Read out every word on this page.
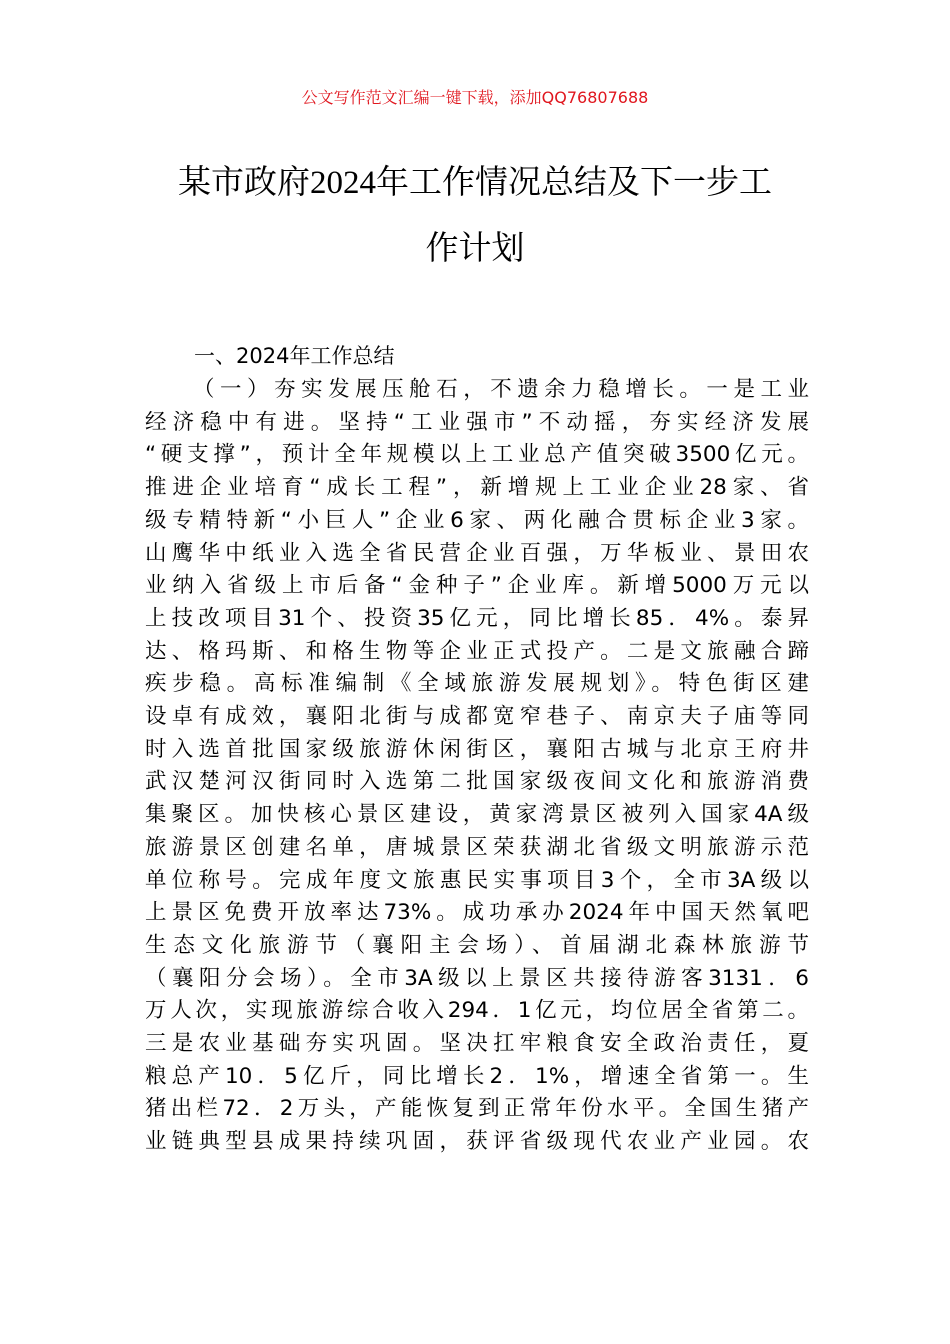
公文写作范文汇编一键下载，添加QQ76807688
某市政府2024年工作情况总结及下一步工
作计划
一、2024年工作总结
（一）夯实发展压舱石，不遗余力稳增长。一是工业
经济稳中有进。坚持“工业强市”不动摇，夯实经济发展
“硬支撑”，预计全年规模以上工业总产值突破3500亿元。
推进企业培育“成长工程”，新增规上工业企业28家、省
级专精特新“小巨人”企业6家、两化融合贯标企业3家。
山鹰华中纸业入选全省民营企业百强，万华板业、景田农
业纳入省级上市后备“金种子”企业库。新增5000万元以
上技改项目31个、投资35亿元，同比增长85．4%。泰昇
达、格玛斯、和格生物等企业正式投产。二是文旅融合蹄
疾步稳。高标准编制《全域旅游发展规划》。特色街区建
设卓有成效，襄阳北街与成都宽窄巷子、南京夫子庙等同
时入选首批国家级旅游休闲街区，襄阳古城与北京王府井
武汉楚河汉街同时入选第二批国家级夜间文化和旅游消费
集聚区。加快核心景区建设，黄家湾景区被列入国家4A级
旅游景区创建名单，唐城景区荣获湖北省级文明旅游示范
单位称号。完成年度文旅惠民实事项目3个，全市3A级以
上景区免费开放率达73%。成功承办2024年中国天然氧吧
生态文化旅游节（襄阳主会场）、首届湖北森林旅游节
（襄阳分会场）。全市3A级以上景区共接待游客3131．6
万人次，实现旅游综合收入294．1亿元，均位居全省第二。
三是农业基础夯实巩固。坚决扛牢粮食安全政治责任，夏
粮总产10．5亿斤，同比增长2．1%，增速全省第一。生
猪出栏72．2万头，产能恢复到正常年份水平。全国生猪产
业链典型县成果持续巩固，获评省级现代农业产业园。农
